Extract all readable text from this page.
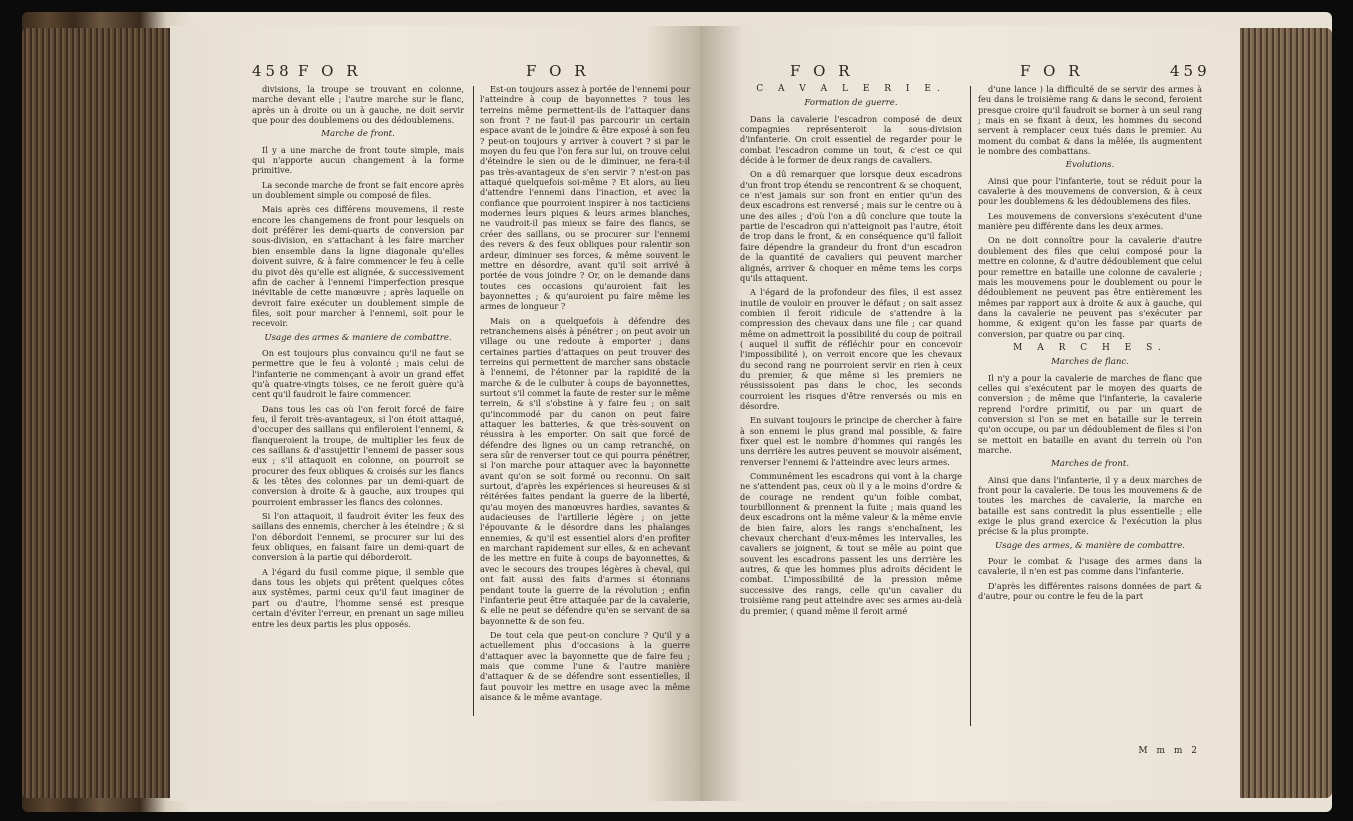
458 F O R	F O R

divisions, la troupe se trouvant en colonne, marche devant elle ; l'autre marche sur le flanc, après un à droite ou un à gauche, ne doit servir que pour des doublemens ou des dédoublemens.

Marche de front.

Il y a une marche de front toute simple, mais qui n'apporte aucun changement à la forme primitive.

La seconde marche de front se fait encore après un doublement simple ou composé de files.

Mais après ces différens mouvemens, il reste encore les changemens de front pour lesquels on doit préférer les demi-quarts de conversion par sous-division, en s'attachant à les faire marcher bien ensemble dans la ligne diagonale qu'elles doivent suivre, & à faire commencer le feu à celle du pivot dès qu'elle est alignée, & successivement afin de cacher à l'ennemi l'imperfection presque inévitable de cette manœuvre ; après laquelle on devroit faire exécuter un doublement simple de files, soit pour marcher à l'ennemi, soit pour le recevoir.

Usage des armes & maniere de combattre.

On est toujours plus convaincu qu'il ne faut se permettre que le feu à volonté ; mais celui de l'infanterie ne commençant à avoir un grand effet qu'à quatre-vingts toises, ce ne feroit guère qu'à cent qu'il faudroit le faire commencer.

Dans tous les cas où l'on feroit forcé de faire feu, il feroit très-avantageux, si l'on étoit attaqué, d'occuper des saillans qui enfileroient l'ennemi, & flanqueroient la troupe, de multiplier les feux de ces saillans & d'assujettir l'ennemi de passer sous eux ; s'il attaquoit en colonne, on pourroit se procurer des feux obliques & croisés sur les flancs & les têtes des colonnes par un demi-quart de conversion à droite & à gauche, aux troupes qui pourroient embrasser les flancs des colonnes.

Si l'on attaquoit, il faudroit éviter les feux des saillans des ennemis, chercher à les éteindre ; & si l'on débordoit l'ennemi, se procurer sur lui des feux obliques, en faisant faire un demi-quart de conversion à la partie qui déborderoit.

A l'égard du fusil comme pique, il semble que dans tous les objets qui prêtent quelques côtes aux systêmes, parmi ceux qu'il faut imaginer de part ou d'autre, l'homme sensé est presque certain d'éviter l'erreur, en prenant un sage milieu entre les deux partis les plus opposés.

Est-on toujours assez à portée de l'ennemi pour l'atteindre à coup de bayonnettes ? tous les terreins même permettent-ils de l'attaquer dans son front ? ne faut-il pas parcourir un certain espace avant de le joindre & être exposé à son feu ? peut-on toujours y arriver à couvert ? si par le moyen du feu que l'on fera sur lui, on trouve celui d'éteindre le sien ou de le diminuer, ne fera-t-il pas très-avantageux de s'en servir ? n'est-on pas attaqué quelquefois soi-même ? Et alors, au lieu d'attendre l'ennemi dans l'inaction, et avec la confiance que pourroient inspirer à nos tacticiens modernes leurs piques & leurs armes blanches, ne vaudroit-il pas mieux se faire des flancs, se créer des saillans, ou se procurer sur l'ennemi des revers & des feux obliques pour ralentir son ardeur, diminuer ses forces, & même souvent le mettre en désordre, avant qu'il soit arrivé à portée de vous joindre ? Or, on le demande dans toutes ces occasions qu'auroient fait les bayonnettes ; & qu'auroient pu faire même les armes de longueur ?

Mais on a quelquefois à défendre des retranchemens aisés à pénétrer ; on peut avoir un village ou une redoute à emporter ; dans certaines parties d'attaques on peut trouver des terreins qui permettent de marcher sans obstacle à l'ennemi, de l'étonner par la rapidité de la marche & de le culbuter à coups de bayonnettes, surtout s'il commet la faute de rester sur le même terrein, & s'il s'obstine à y faire feu ; on sait qu'incommodé par du canon on peut faire attaquer les batteries, & que très-souvent on réussira à les emporter. On sait que forcé de défendre des lignes ou un camp retranché, on sera sûr de renverser tout ce qui pourra pénétrer, si l'on marche pour attaquer avec la bayonnette avant qu'on se soit formé ou reconnu. On sait surtout, d'après les expériences si heureuses & si réitérées faites pendant la guerre de la liberté, qu'au moyen des manœuvres hardies, savantes & audacieuses de l'artillerie légère ; on jette l'épouvante & le désordre dans les phalanges ennemies, & qu'il est essentiel alors d'en profiter en marchant rapidement sur elles, & en achevant de les mettre en fuite à coups de bayonnettes, & avec le secours des troupes légères à cheval, qui ont fait aussi des faits d'armes si étonnans pendant toute la guerre de la révolution ; enfin l'infanterie peut être attaquée par de la cavalerie, & elle ne peut se défendre qu'en se servant de sa bayonnette & de son feu.

De tout cela que peut-on conclure ? Qu'il y a actuellement plus d'occasions à la guerre d'attaquer avec la bayonnette que de faire feu ; mais que comme l'une & l'autre manière d'attaquer & de se défendre sont essentielles, il faut pouvoir les mettre en usage avec la même aisance & le même avantage.

F O R	F O R	459
C A V A L E R I E.
Formation de guerre.

Dans la cavalerie l'escadron composé de deux compagnies représenteroit la sous-division d'infanterie. On croit essentiel de regarder pour le combat l'escadron comme un tout, & c'est ce qui décide à le former de deux rangs de cavaliers.

On a dû remarquer que lorsque deux escadrons d'un front trop étendu se rencontrent & se choquent, ce n'est jamais sur son front en entier qu'un des deux escadrons est renversé ; mais sur le centre ou à une des ailes ; d'où l'on a dû conclure que toute la partie de l'escadron qui n'atteignoit pas l'autre, étoit de trop dans le front, & en conséquence qu'il falloit faire dépendre la grandeur du front d'un escadron de la quantité de cavaliers qui peuvent marcher alignés, arriver & choquer en même tems les corps qu'ils attaquent.

A l'égard de la profondeur des files, il est assez inutile de vouloir en prouver le défaut ; on sait assez combien il feroit ridicule de s'attendre à la compression des chevaux dans une file ; car quand même on admettroit la possibilité du coup de poitrail ( auquel il suffit de réfléchir pour en concevoir l'impossibilité ), on verroit encore que les chevaux du second rang ne pourroient servir en rien à ceux du premier, & que même si les premiers ne réussissoient pas dans le choc, les seconds courroient les risques d'être renversés ou mis en désordre.

En suivant toujours le principe de chercher à faire à son ennemi le plus grand mal possible, & faire fixer quel est le nombre d'hommes qui rangés les uns derrière les autres peuvent se mouvoir aisément, renverser l'ennemi & l'atteindre avec leurs armes.

Communément les escadrons qui vont à la charge ne s'attendent pas, ceux où il y a le moins d'ordre & de courage ne rendent qu'un foible combat, tourbillonnent & prennent la fuite ; mais quand les deux escadrons ont la même valeur & la même envie de bien faire, alors les rangs s'enchaînent, les chevaux cherchant d'eux-mêmes les intervalles, les cavaliers se joignent, & tout se mêle au point que souvent les escadrons passent les uns derrière les autres, & que les hommes plus adroits décident le combat. L'impossibilité de la pression même successive des rangs, celle qu'un cavalier du troisième rang peut atteindre avec ses armes au-delà du premier, ( quand même il feroit armé

d'une lance ) la difficulté de se servir des armes à feu dans le troisième rang & dans le second, feroient presque croire qu'il faudroit se borner à un seul rang ; mais en se fixant à deux, les hommes du second servent à remplacer ceux tués dans le premier. Au moment du combat & dans la mêlée, ils augmentent le nombre des combattans.

Évolutions.

Ainsi que pour l'infanterie, tout se réduit pour la cavalerie à des mouvemens de conversion, & à ceux pour les doublemens & les dédoublemens des files.

Les mouvemens de conversions s'exécutent d'une manière peu différente dans les deux armes.

On ne doit connoître pour la cavalerie d'autre doublement des files que celui composé pour la mettre en colonne, & d'autre dédoublement que celui pour remettre en bataille une colonne de cavalerie ; mais les mouvemens pour le doublement ou pour le dédoublement ne peuvent pas être entièrement les mêmes par rapport aux à droite & aux à gauche, qui dans la cavalerie ne peuvent pas s'exécuter par homme, & exigent qu'on les fasse par quarts de conversion, par quatre ou par cinq.

M A R C H E S.
Marches de flanc.

Il n'y a pour la cavalerie de marches de flanc que celles qui s'exécutent par le moyen des quarts de conversion ; de même que l'infanterie, la cavalerie reprend l'ordre primitif, ou par un quart de conversion si l'on se met en bataille sur le terrein qu'on occupe, ou par un dédoublement de files si l'on se mettoit en bataille en avant du terrein où l'on marche.

Marches de front.

Ainsi que dans l'infanterie, il y a deux marches de front pour la cavalerie. De tous les mouvemens & de toutes les marches de cavalerie, la marche en bataille est sans contredit la plus essentielle ; elle exige le plus grand exercice & l'exécution la plus précise & la plus prompte.

Usage des armes, & manière de combattre.

Pour le combat & l'usage des armes dans la cavalerie, il n'en est pas comme dans l'infanterie.

D'après les différentes raisons données de part & d'autre, pour ou contre le feu de la part

M m m 2
